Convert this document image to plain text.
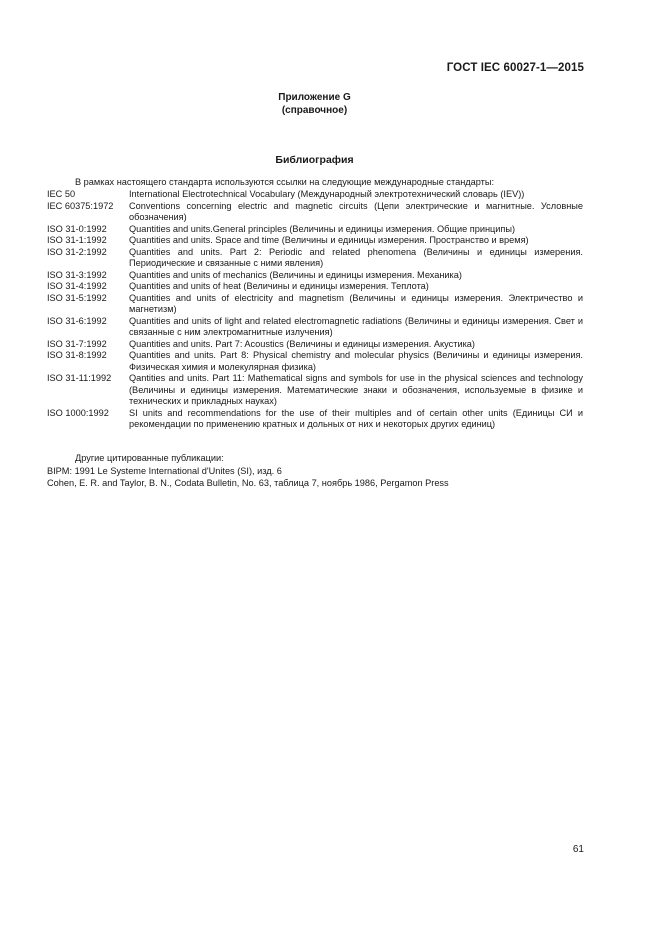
ГОСТ IEC 60027-1—2015
Приложение G
(справочное)
Библиография
В рамках настоящего стандарта используются ссылки на следующие международные стандарты:
IEC 50	International Electrotechnical Vocabulary (Международный электротехнический словарь (IEV))
IEC 60375:1972	Conventions concerning electric and magnetic circuits (Цепи электрические и магнитные. Условные обозначения)
ISO 31-0:1992	Quantities and units.General principles (Величины и единицы измерения. Общие принципы)
ISO 31-1:1992	Quantities and units. Space and time (Величины и единицы измерения. Пространство и время)
ISO 31-2:1992	Quantities and units. Part 2: Periodic and related phenomena (Величины и единицы измерения. Периодические и связанные с ними явления)
ISO 31-3:1992	Quantities and units of mechanics (Величины и единицы измерения. Механика)
ISO 31-4:1992	Quantities and units of heat (Величины и единицы измерения. Теплота)
ISO 31-5:1992	Quantities and units of electricity and magnetism (Величины и единицы измерения. Электричество и магнетизм)
ISO 31-6:1992	Quantities and units of light and related electromagnetic radiations (Величины и единицы измерения. Свет и связанные с ним электромагнитные излучения)
ISO 31-7:1992	Quantities and units. Part 7: Acoustics (Величины и единицы измерения. Акустика)
ISO 31-8:1992	Quantities and units. Part 8: Physical chemistry and molecular physics (Величины и единицы измерения. Физическая химия и молекулярная физика)
ISO 31-11:1992	Qantities and units. Part 11: Mathematical signs and symbols for use in the physical sciences and technology (Величины и единицы измерения. Математические знаки и обозначения, используемые в физике и технических и прикладных науках)
ISO 1000:1992	SI units and recommendations for the use of their multiples and of certain other units (Единицы СИ и рекомендации по применению кратных и дольных от них и некоторых других единиц)
Другие цитированные публикации:
BIPM: 1991 Le Systeme International d'Unites (SI), изд. 6
Cohen, E. R. and Taylor, B. N., Codata Bulletin, No. 63, таблица 7, ноябрь 1986, Pergamon Press
61
